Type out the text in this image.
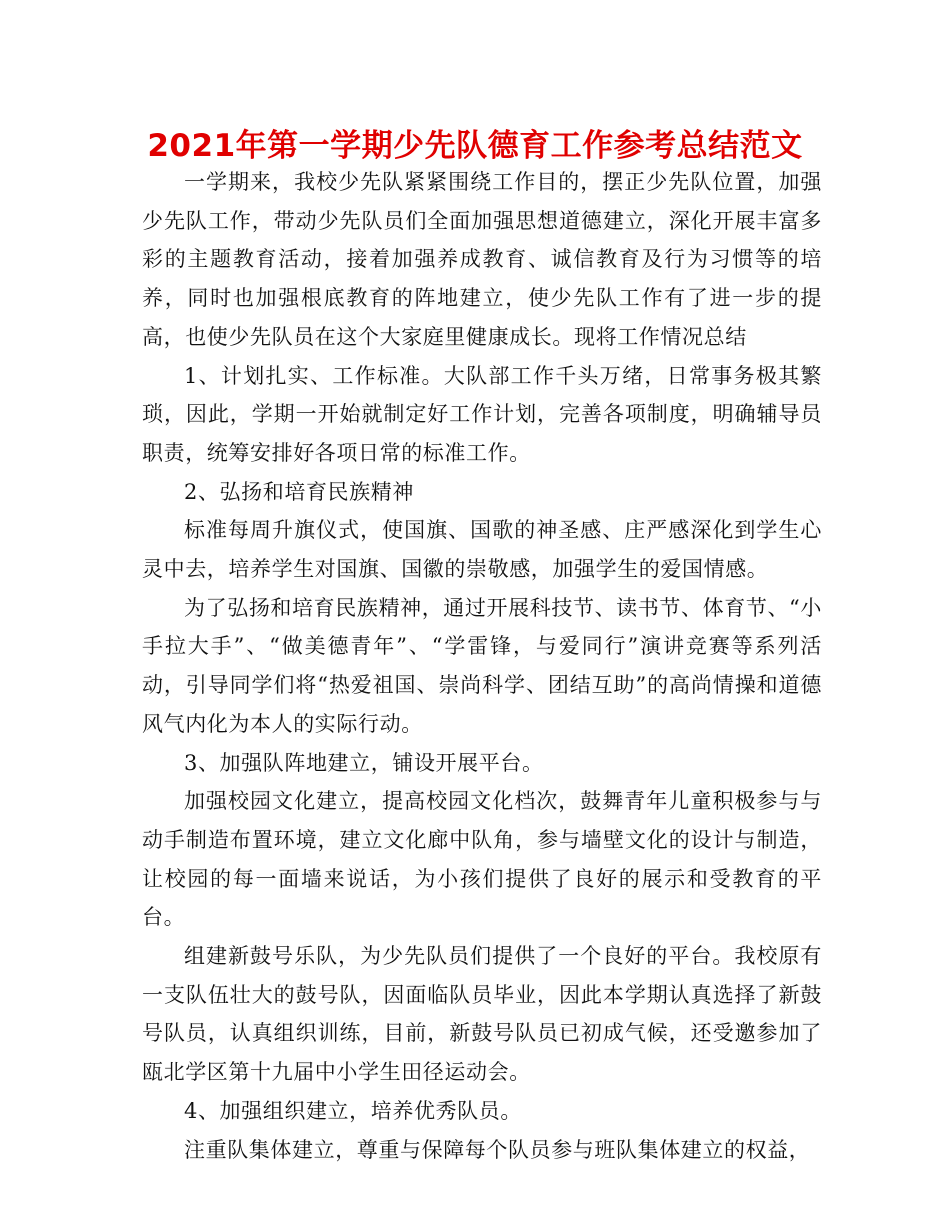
2021年第一学期少先队德育工作参考总结范文

一学期来，我校少先队紧紧围绕工作目的，摆正少先队位置，加强少先队工作，带动少先队员们全面加强思想道德建立，深化开展丰富多彩的主题教育活动，接着加强养成教育、诚信教育及行为习惯等的培养，同时也加强根底教育的阵地建立，使少先队工作有了进一步的提高，也使少先队员在这个大家庭里健康成长。现将工作情况总结

1、计划扎实、工作标准。大队部工作千头万绪，日常事务极其繁琐，因此，学期一开始就制定好工作计划，完善各项制度，明确辅导员职责，统筹安排好各项日常的标准工作。

2、弘扬和培育民族精神

标准每周升旗仪式，使国旗、国歌的神圣感、庄严感深化到学生心灵中去，培养学生对国旗、国徽的崇敬感，加强学生的爱国情感。

为了弘扬和培育民族精神，通过开展科技节、读书节、体育节、“小手拉大手”、“做美德青年”、“学雷锋，与爱同行”演讲竞赛等系列活动，引导同学们将“热爱祖国、崇尚科学、团结互助”的高尚情操和道德风气内化为本人的实际行动。

3、加强队阵地建立，铺设开展平台。

加强校园文化建立，提高校园文化档次，鼓舞青年儿童积极参与与动手制造布置环境，建立文化廊中队角，参与墙壁文化的设计与制造，让校园的每一面墙来说话，为小孩们提供了良好的展示和受教育的平台。

组建新鼓号乐队，为少先队员们提供了一个良好的平台。我校原有一支队伍壮大的鼓号队，因面临队员毕业，因此本学期认真选择了新鼓号队员，认真组织训练，目前，新鼓号队员已初成气候，还受邀参加了瓯北学区第十九届中小学生田径运动会。

4、加强组织建立，培养优秀队员。

注重队集体建立，尊重与保障每个队员参与班队集体建立的权益，
